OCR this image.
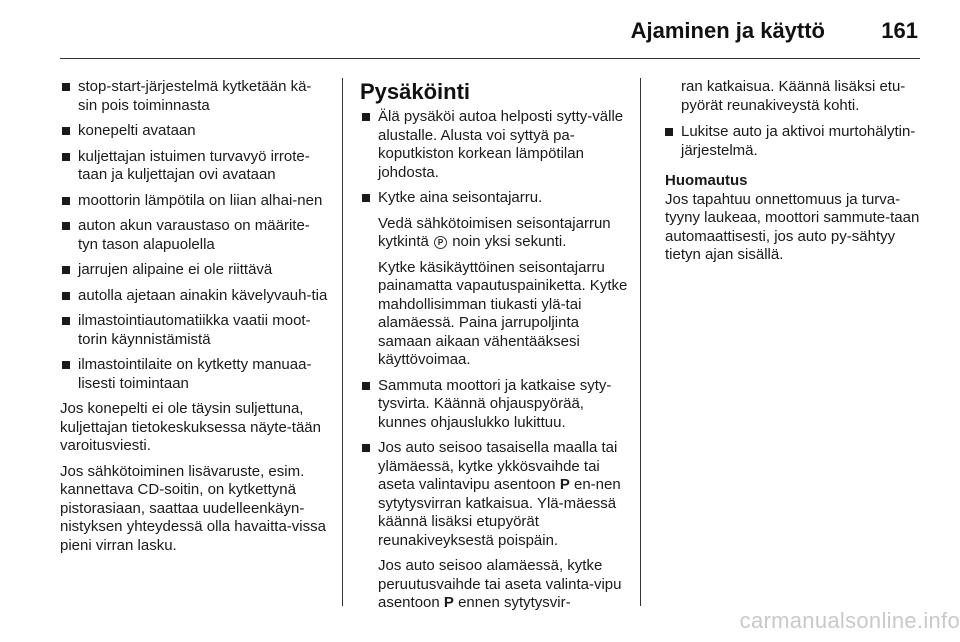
Ajaminen ja käyttö	161
stop-start-järjestelmä kytketään kä-sin pois toiminnasta
konepelti avataan
kuljettajan istuimen turvavyö irrote-taan ja kuljettajan ovi avataan
moottorin lämpötila on liian alhai-nen
auton akun varaustaso on määrite-tyn tason alapuolella
jarrujen alipaine ei ole riittävä
autolla ajetaan ainakin kävelyvauh-tia
ilmastointiautomatiikka vaatii moot-torin käynnistämistä
ilmastointilaite on kytketty manuaa-lisesti toimintaan
Jos konepelti ei ole täysin suljettuna, kuljettajan tietokeskuksessa näyte-tään varoitusviesti.
Jos sähkötoiminen lisävaruste, esim. kannettava CD-soitin, on kytkettynä pistorasiaan, saattaa uudelleenkäyn-nistyksen yhteydessä olla havaitta-vissa pieni virran lasku.
Pysäköinti
Älä pysäköi autoa helposti sytty-välle alustalle. Alusta voi syttyä pa-koputkiston korkean lämpötilan johdosta.
Kytke aina seisontajarru.
Vedä sähkötoimisen seisontajarrun kytkintä P noin yksi sekunti.
Kytke käsikäyttöinen seisontajarru painamatta vapautuspainiketta. Kytke mahdollisimman tiukasti ylä-tai alamäessä. Paina jarrupoljinta samaan aikaan vähentääksesi käyttövoimaa.
Sammuta moottori ja katkaise syty-tysvirta. Käännä ohjauspyörää, kunnes ohjauslukko lukittuu.
Jos auto seisoo tasaisella maalla tai ylämäessä, kytke ykkösvaihde tai aseta valintavipu asentoon P en-nen sytytysvirran katkaisua. Ylä-mäessä käännä lisäksi etupyörät reunakiveyksestä poispäin.
Jos auto seisoo alamäessä, kytke peruutusvaihde tai aseta valinta-vipu asentoon P ennen sytytysvir-
ran katkaisua. Käännä lisäksi etu-pyörät reunakiveystä kohti.
Lukitse auto ja aktivoi murtohälytin-järjestelmä.
Huomautus
Jos tapahtuu onnettomuus ja turva-tyyny laukeaa, moottori sammute-taan automaattisesti, jos auto py-sähtyy tietyn ajan sisällä.
carmanualsonline.info
